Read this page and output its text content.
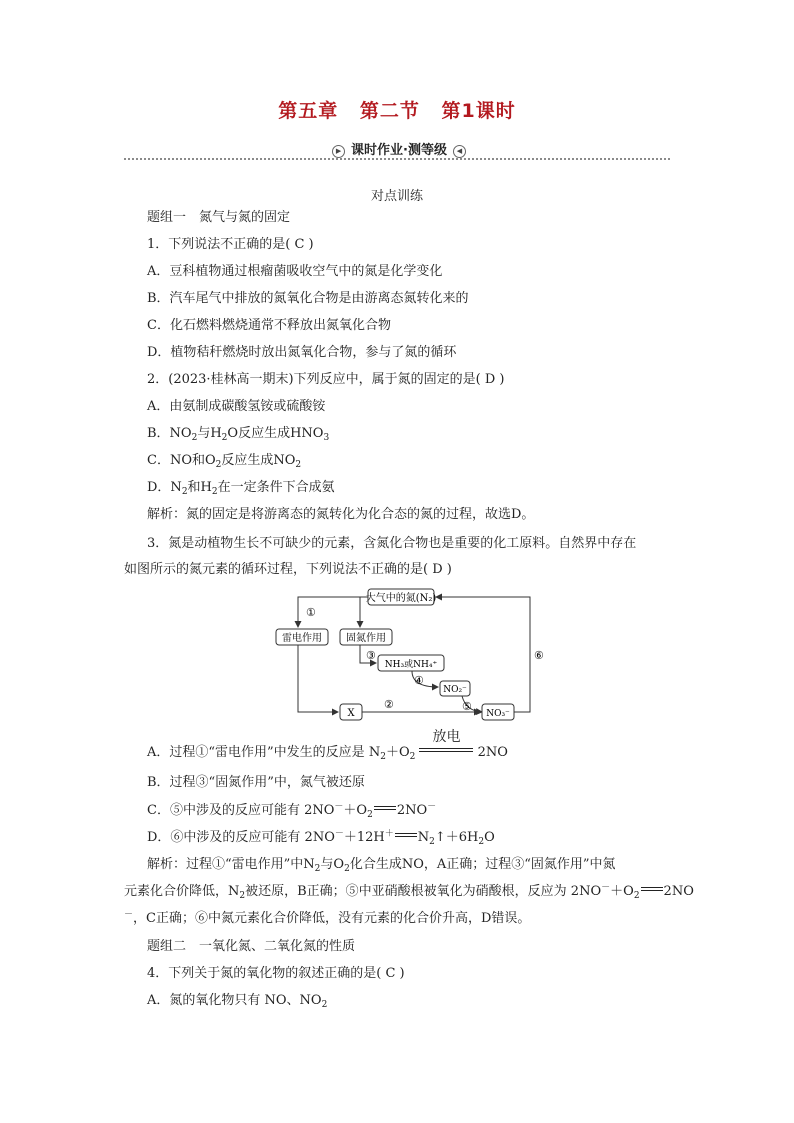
第五章 第二节 第1课时
▶ 课时作业·测等级 ◀
对点训练
题组一　氮气与氮的固定
1．下列说法不正确的是( C )
A．豆科植物通过根瘤菌吸收空气中的氮是化学变化
B．汽车尾气中排放的氮氧化合物是由游离态氮转化来的
C．化石燃料燃烧通常不释放出氮氧化合物
D．植物秸秆燃烧时放出氮氧化合物，参与了氮的循环
2．(2023·桂林高一期末)下列反应中，属于氮的固定的是( D )
A．由氨制成碳酸氢铵或硫酸铵
B．$NO_2$与$H_2O$反应生成$HNO_3$
C．NO和$O_2$反应生成$NO_2$
D．$N_2$和$H_2$在一定条件下合成氨
解析：氮的固定是将游离态的氮转化为化合态的氮的过程，故选D。
3．氮是动植物生长不可缺少的元素，含氮化合物也是重要的化工原料。自然界中存在
如图所示的氮元素的循环过程，下列说法不正确的是( D )
大气中的氮(N₂)
①
雷电作用 固氮作用
③
NH₃或NH₄⁺
④
NO₂⁻
⑤
X
②
NO₃⁻
⑥
A．过程①“雷电作用”中发生的反应是 $N_2+O_2$
放电
2NO
B．过程③“固氮作用”中，氮气被还原
C．⑤中涉及的反应可能有 $2NO^-+O_2$ 2NO－
D．⑥中涉及的反应可能有 2NO－＋12H＋ $N_2↑+6H_2O$
解析：过程①“雷电作用”中$N_2$与$O_2$化合生成NO，A正确；过程③“固氮作用”中氮
元素化合价降低，$N_2$被还原，B正确；⑤中亚硝酸根被氧化为硝酸根，反应为 $2NO^-+O_2$ 2NO
－，C正确；⑥中氮元素化合价降低，没有元素的化合价升高，D错误。
题组二　一氧化氮、二氧化氮的性质
4．下列关于氮的氧化物的叙述正确的是( C )
A．氮的氧化物只有 NO、$NO_2$
